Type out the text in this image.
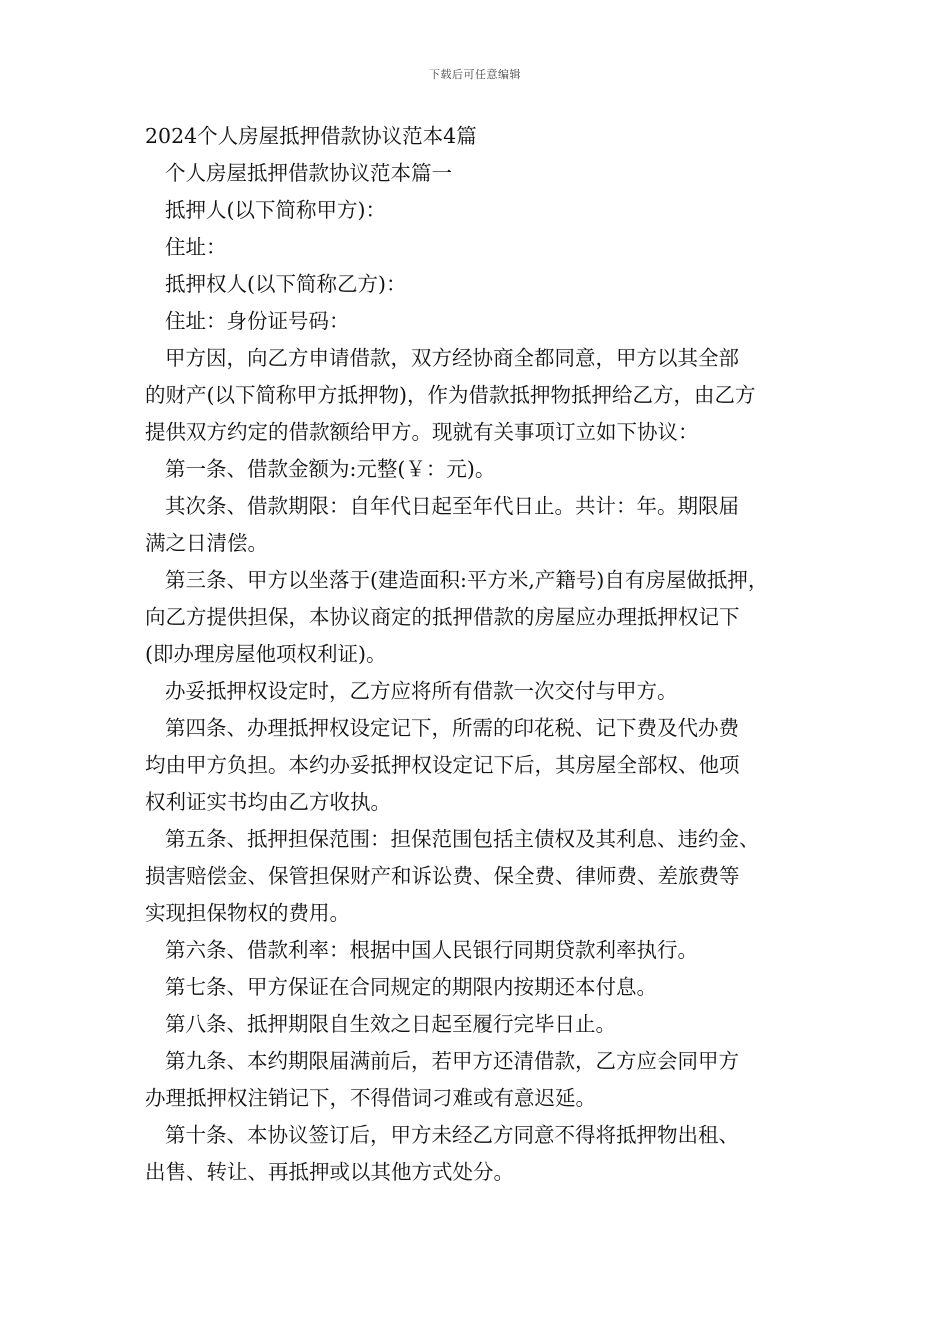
下载后可任意编辑

2024个人房屋抵押借款协议范本4篇

个人房屋抵押借款协议范本篇一

抵押人(以下简称甲方)：

住址：

抵押权人(以下简称乙方)：

住址：身份证号码：

甲方因，向乙方申请借款，双方经协商全都同意，甲方以其全部

的财产(以下简称甲方抵押物)，作为借款抵押物抵押给乙方，由乙方

提供双方约定的借款额给甲方。现就有关事项订立如下协议：

第一条、借款金额为:元整(￥：元)。

其次条、借款期限：自年代日起至年代日止。共计：年。期限届

满之日清偿。

第三条、甲方以坐落于(建造面积:平方米,产籍号)自有房屋做抵押，

向乙方提供担保，本协议商定的抵押借款的房屋应办理抵押权记下

(即办理房屋他项权利证)。

办妥抵押权设定时，乙方应将所有借款一次交付与甲方。

第四条、办理抵押权设定记下，所需的印花税、记下费及代办费

均由甲方负担。本约办妥抵押权设定记下后，其房屋全部权、他项

权利证实书均由乙方收执。

第五条、抵押担保范围：担保范围包括主债权及其利息、违约金、

损害赔偿金、保管担保财产和诉讼费、保全费、律师费、差旅费等

实现担保物权的费用。

第六条、借款利率：根据中国人民银行同期贷款利率执行。

第七条、甲方保证在合同规定的期限内按期还本付息。

第八条、抵押期限自生效之日起至履行完毕日止。

第九条、本约期限届满前后，若甲方还清借款，乙方应会同甲方

办理抵押权注销记下，不得借词刁难或有意迟延。

第十条、本协议签订后，甲方未经乙方同意不得将抵押物出租、

出售、转让、再抵押或以其他方式处分。
